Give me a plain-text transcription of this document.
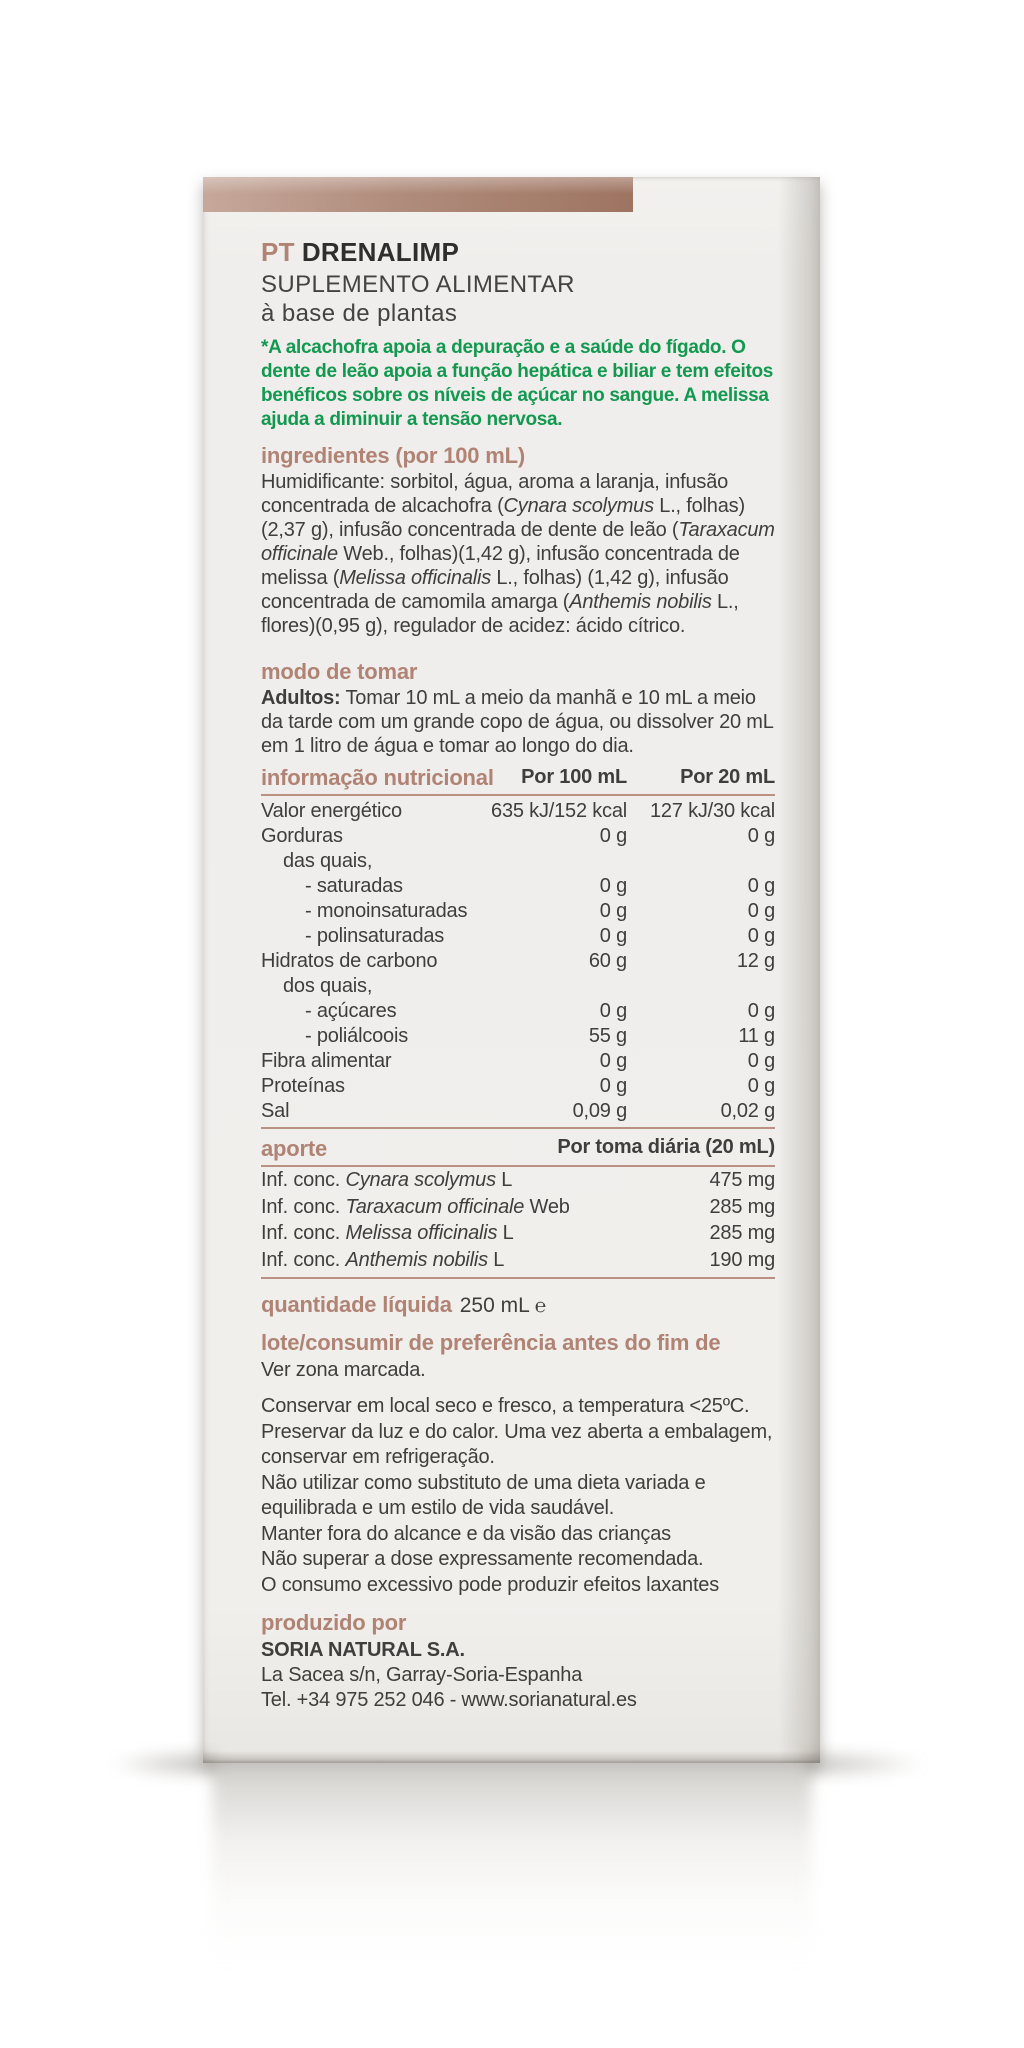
PT DRENALIMP
SUPLEMENTO ALIMENTAR
à base de plantas

*A alcachofra apoia a depuração e a saúde do fígado. O dente de leão apoia a função hepática e biliar e tem efeitos benéficos sobre os níveis de açúcar no sangue. A melissa ajuda a diminuir a tensão nervosa.

ingredientes (por 100 mL)

Humidificante: sorbitol, água, aroma a laranja, infusão concentrada de alcachofra (Cynara scolymus L., folhas)(2,37 g), infusão concentrada de dente de leão (Taraxacum officinale Web., folhas)(1,42 g), infusão concentrada de melissa (Melissa officinalis L., folhas) (1,42 g), infusão concentrada de camomila amarga (Anthemis nobilis L., flores)(0,95 g), regulador de acidez: ácido cítrico.

modo de tomar

Adultos: Tomar 10 mL a meio da manhã e 10 mL a meio da tarde com um grande copo de água, ou dissolver 20 mL em 1 litro de água e tomar ao longo do dia.

informação nutricional	Por 100 mL	Por 20 mL
Valor energético	635 kJ/152 kcal	127 kJ/30 kcal
Gorduras	0 g	0 g
das quais,
- saturadas	0 g	0 g
- monoinsaturadas	0 g	0 g
- polinsaturadas	0 g	0 g
Hidratos de carbono	60 g	12 g
dos quais,
- açúcares	0 g	0 g
- poliálcoois	55 g	11 g
Fibra alimentar	0 g	0 g
Proteínas	0 g	0 g
Sal	0,09 g	0,02 g
aporte	Por toma diária (20 mL)
Inf. conc. Cynara scolymus L	475 mg
Inf. conc. Taraxacum officinale Web	285 mg
Inf. conc. Melissa officinalis L	285 mg
Inf. conc. Anthemis nobilis L	190 mg
quantidade líquida 250 mL ℮
lote/consumir de preferência antes do fim de

Ver zona marcada.

Conservar em local seco e fresco, a temperatura <25ºC. Preservar da luz e do calor. Uma vez aberta a embalagem, conservar em refrigeração.
Não utilizar como substituto de uma dieta variada e equilibrada e um estilo de vida saudável.
Manter fora do alcance e da visão das crianças
Não superar a dose expressamente recomendada.
O consumo excessivo pode produzir efeitos laxantes
produzido por
SORIA NATURAL S.A.
La Sacea s/n, Garray-Soria-Espanha
Tel. +34 975 252 046 - www.sorianatural.es
